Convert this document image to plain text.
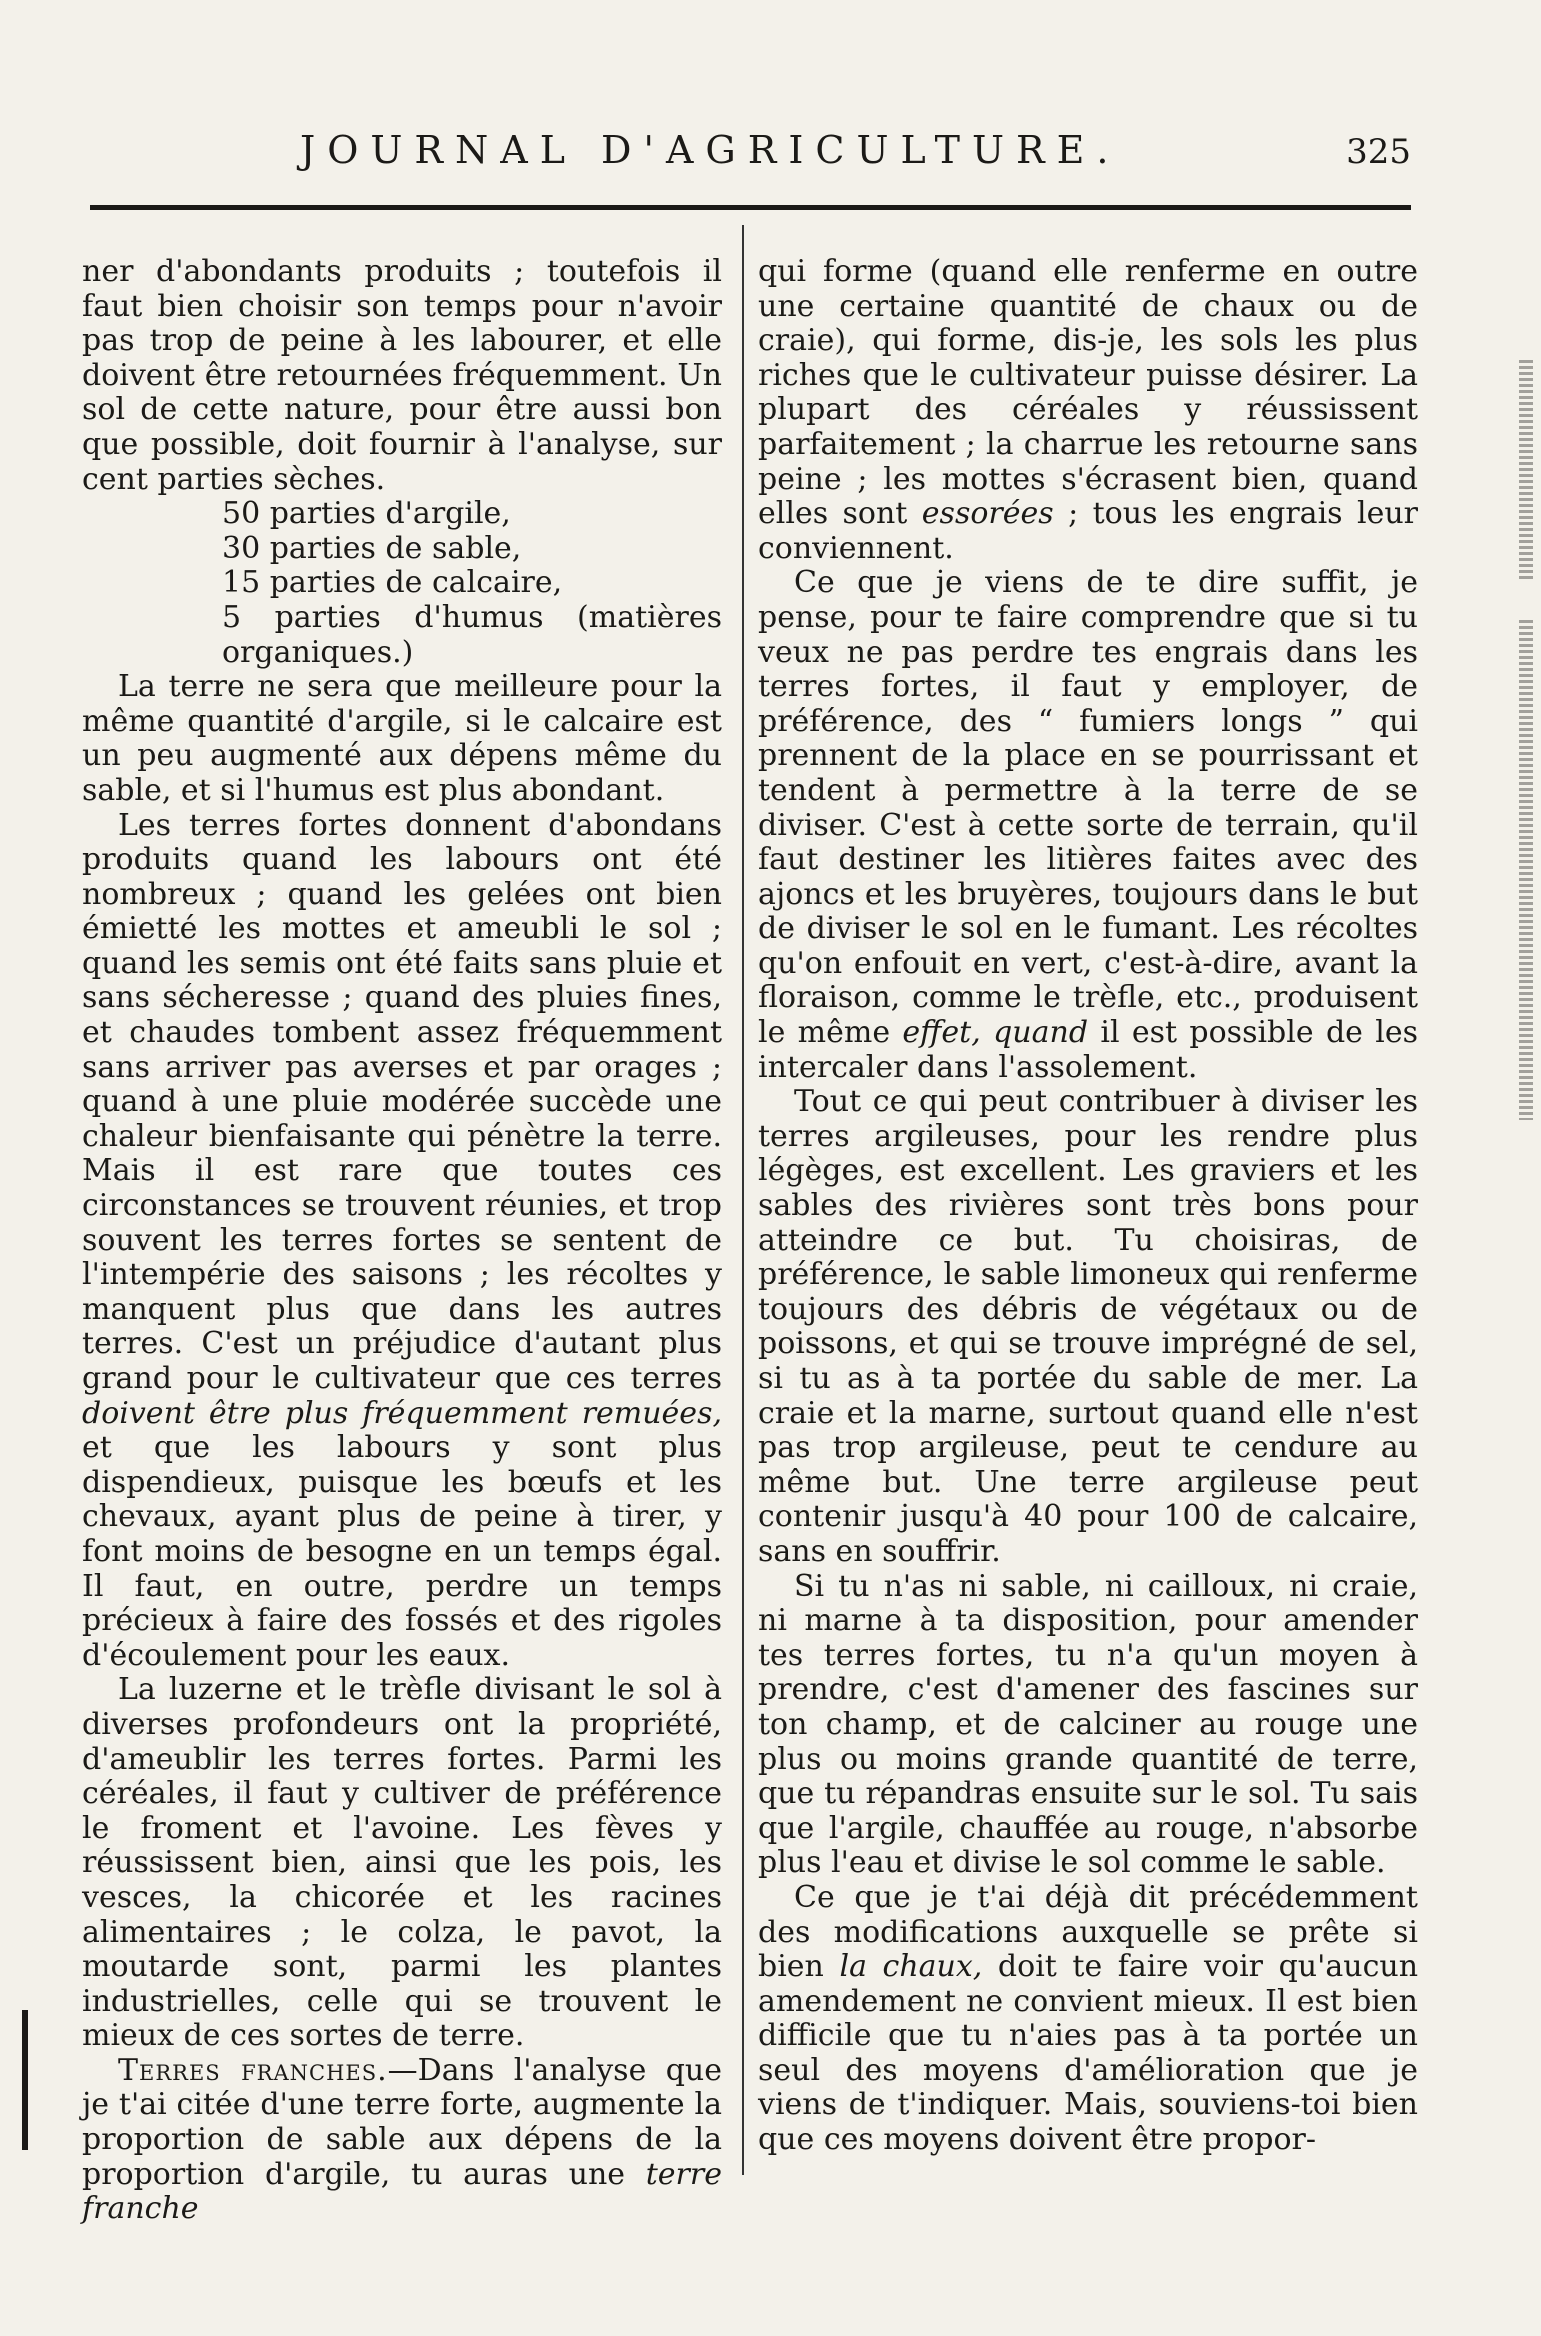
JOURNAL D'AGRICULTURE.	325

ner d'abondants produits ; toutefois il faut bien choisir son temps pour n'avoir pas trop de peine à les labourer, et elle doivent être retournées fréquemment. Un sol de cette nature, pour être aussi bon que possible, doit fournir à l'analyse, sur cent parties sèches.

50 parties d'argile,
30 parties de sable,
15 parties de calcaire,
5 parties d'humus (matières organiques.)

La terre ne sera que meilleure pour la même quantité d'argile, si le calcaire est un peu augmenté aux dépens même du sable, et si l'humus est plus abondant.

Les terres fortes donnent d'abondans produits quand les labours ont été nombreux ; quand les gelées ont bien émietté les mottes et ameubli le sol ; quand les semis ont été faits sans pluie et sans sécheresse ; quand des pluies fines, et chaudes tombent assez fréquemment sans arriver pas averses et par orages ; quand à une pluie modérée succède une chaleur bienfaisante qui pénètre la terre. Mais il est rare que toutes ces circonstances se trouvent réunies, et trop souvent les terres fortes se sentent de l'intempérie des saisons ; les récoltes y manquent plus que dans les autres terres. C'est un préjudice d'autant plus grand pour le cultivateur que ces terres doivent être plus fréquemment remuées, et que les labours y sont plus dispendieux, puisque les bœufs et les chevaux, ayant plus de peine à tirer, y font moins de besogne en un temps égal. Il faut, en outre, perdre un temps précieux à faire des fossés et des rigoles d'écoulement pour les eaux.

La luzerne et le trèfle divisant le sol à diverses profondeurs ont la propriété, d'ameublir les terres fortes. Parmi les céréales, il faut y cultiver de préférence le froment et l'avoine. Les fèves y réussissent bien, ainsi que les pois, les vesces, la chicorée et les racines alimentaires ; le colza, le pavot, la moutarde sont, parmi les plantes industrielles, celle qui se trouvent le mieux de ces sortes de terre.

Terres franches.—Dans l'analyse que je t'ai citée d'une terre forte, augmente la proportion de sable aux dépens de la proportion d'argile, tu auras une terre franche

qui forme (quand elle renferme en outre une certaine quantité de chaux ou de craie), qui forme, dis-je, les sols les plus riches que le cultivateur puisse désirer. La plupart des céréales y réussissent parfaitement ; la charrue les retourne sans peine ; les mottes s'écrasent bien, quand elles sont essorées ; tous les engrais leur conviennent.

Ce que je viens de te dire suffit, je pense, pour te faire comprendre que si tu veux ne pas perdre tes engrais dans les terres fortes, il faut y employer, de préférence, des “ fumiers longs ” qui prennent de la place en se pourrissant et tendent à permettre à la terre de se diviser. C'est à cette sorte de terrain, qu'il faut destiner les litières faites avec des ajoncs et les bruyères, toujours dans le but de diviser le sol en le fumant. Les récoltes qu'on enfouit en vert, c'est-à-dire, avant la floraison, comme le trèfle, etc., produisent le même effet, quand il est possible de les intercaler dans l'assolement.

Tout ce qui peut contribuer à diviser les terres argileuses, pour les rendre plus légèges, est excellent. Les graviers et les sables des rivières sont très bons pour atteindre ce but. Tu choisiras, de préférence, le sable limoneux qui renferme toujours des débris de végétaux ou de poissons, et qui se trouve imprégné de sel, si tu as à ta portée du sable de mer. La craie et la marne, surtout quand elle n'est pas trop argileuse, peut te cendure au même but. Une terre argileuse peut contenir jusqu'à 40 pour 100 de calcaire, sans en souffrir.

Si tu n'as ni sable, ni cailloux, ni craie, ni marne à ta disposition, pour amender tes terres fortes, tu n'a qu'un moyen à prendre, c'est d'amener des fascines sur ton champ, et de calciner au rouge une plus ou moins grande quantité de terre, que tu répandras ensuite sur le sol. Tu sais que l'argile, chauffée au rouge, n'absorbe plus l'eau et divise le sol comme le sable.

Ce que je t'ai déjà dit précédemment des modifications auxquelle se prête si bien la chaux, doit te faire voir qu'aucun amendement ne convient mieux. Il est bien difficile que tu n'aies pas à ta portée un seul des moyens d'amélioration que je viens de t'indiquer. Mais, souviens-toi bien que ces moyens doivent être propor-
